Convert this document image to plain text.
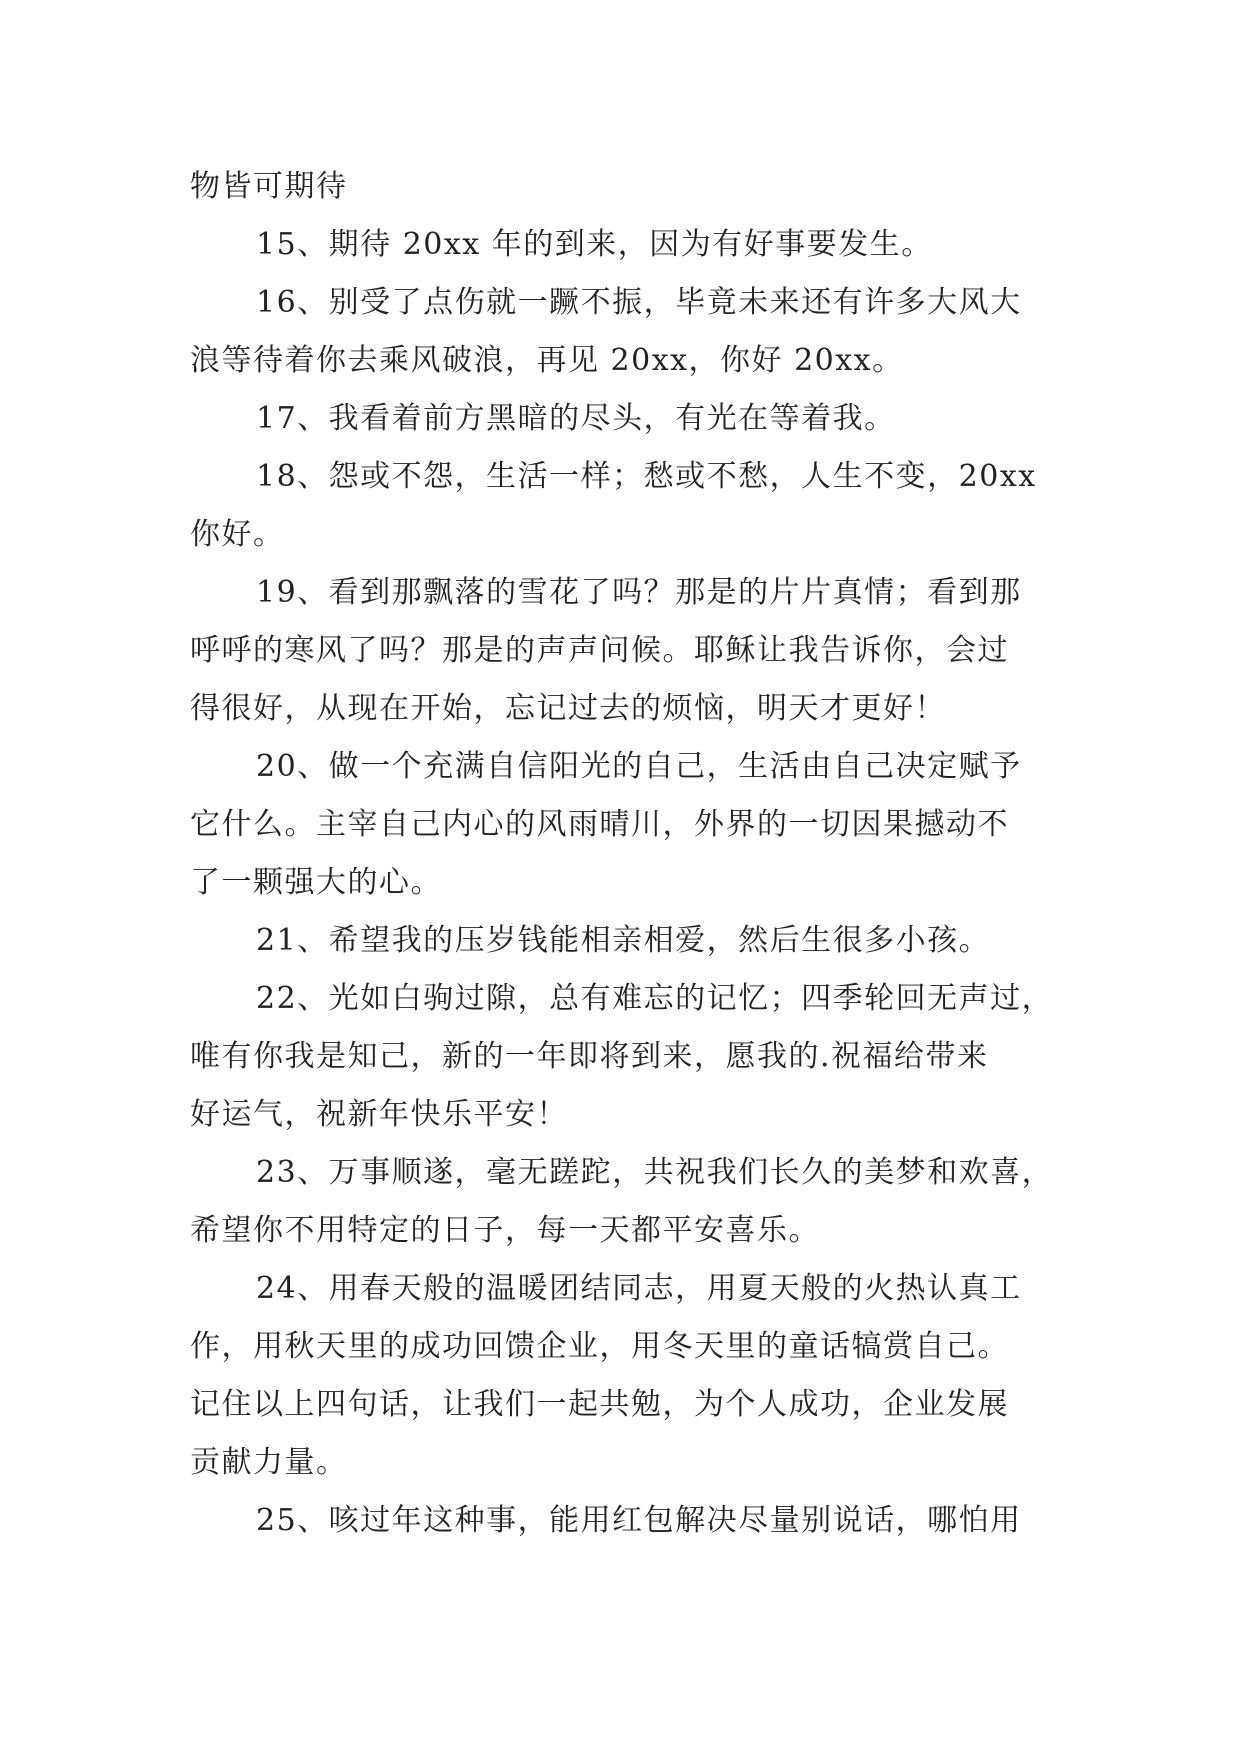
物皆可期待
15、期待 20xx 年的到来，因为有好事要发生。
16、别受了点伤就一蹶不振，毕竟未来还有许多大风大
浪等待着你去乘风破浪，再见 20xx，你好 20xx。
17、我看着前方黑暗的尽头，有光在等着我。
18、怨或不怨，生活一样；愁或不愁，人生不变，20xx
你好。
19、看到那飘落的雪花了吗？那是的片片真情；看到那
呼呼的寒风了吗？那是的声声问候。耶稣让我告诉你，会过
得很好，从现在开始，忘记过去的烦恼，明天才更好！
20、做一个充满自信阳光的自己，生活由自己决定赋予
它什么。主宰自己内心的风雨晴川，外界的一切因果撼动不
了一颗强大的心。
21、希望我的压岁钱能相亲相爱，然后生很多小孩。
22、光如白驹过隙，总有难忘的记忆；四季轮回无声过，
唯有你我是知己，新的一年即将到来，愿我的.祝福给带来
好运气，祝新年快乐平安！
23、万事顺遂，毫无蹉跎，共祝我们长久的美梦和欢喜，
希望你不用特定的日子，每一天都平安喜乐。
24、用春天般的温暖团结同志，用夏天般的火热认真工
作，用秋天里的成功回馈企业，用冬天里的童话犒赏自己。
记住以上四句话，让我们一起共勉，为个人成功，企业发展
贡献力量。
25、咳过年这种事，能用红包解决尽量别说话，哪怕用
